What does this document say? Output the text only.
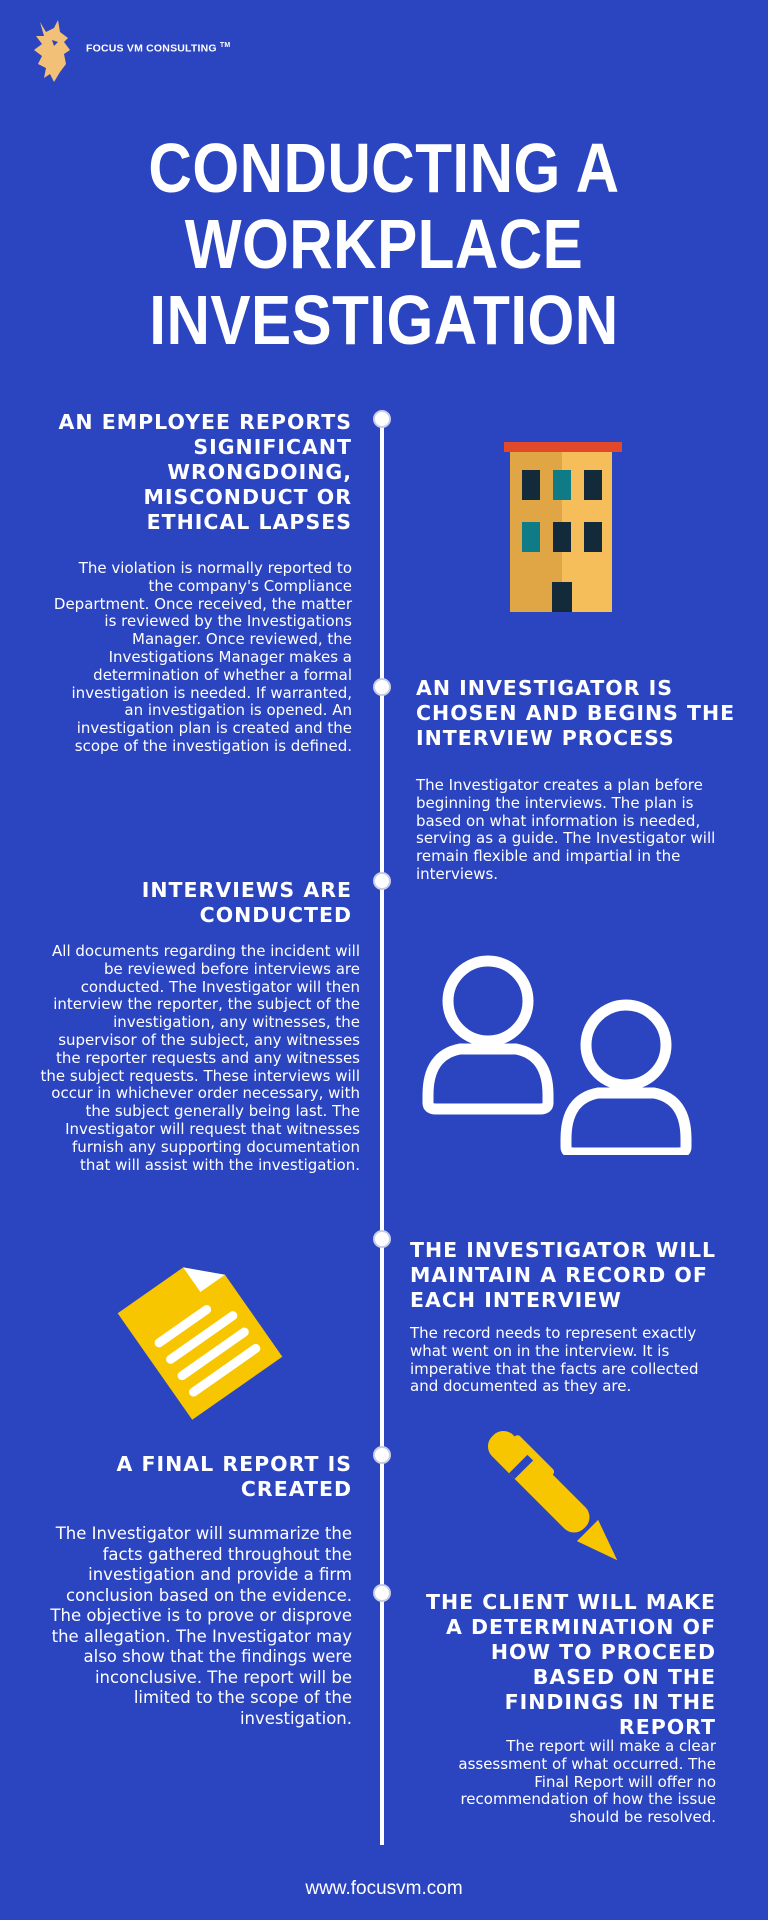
FOCUS VM CONSULTING ™
CONDUCTING A
WORKPLACE
INVESTIGATION
AN EMPLOYEE REPORTS SIGNIFICANT WRONGDOING, MISCONDUCT OR ETHICAL LAPSES
The violation is normally reported to the company's Compliance Department. Once received, the matter is reviewed by the Investigations Manager. Once reviewed, the Investigations Manager makes a determination of whether a formal investigation is needed. If warranted, an investigation is opened. An investigation plan is created and the scope of the investigation is defined.
AN INVESTIGATOR IS CHOSEN AND BEGINS THE INTERVIEW PROCESS
The Investigator creates a plan before beginning the interviews. The plan is based on what information is needed, serving as a guide. The Investigator will remain flexible and impartial in the interviews.
INTERVIEWS ARE CONDUCTED
All documents regarding the incident will be reviewed before interviews are conducted. The Investigator will then interview the reporter, the subject of the investigation, any witnesses, the supervisor of the subject, any witnesses the reporter requests and any witnesses the subject requests. These interviews will occur in whichever order necessary, with the subject generally being last. The Investigator will request that witnesses furnish any supporting documentation that will assist with the investigation.
THE INVESTIGATOR WILL MAINTAIN A RECORD OF EACH INTERVIEW
The record needs to represent exactly what went on in the interview. It is imperative that the facts are collected and documented as they are.
A FINAL REPORT IS CREATED
The Investigator will summarize the facts gathered throughout the investigation and provide a firm conclusion based on the evidence. The objective is to prove or disprove the allegation. The Investigator may also show that the findings were inconclusive. The report will be limited to the scope of the investigation.
THE CLIENT WILL MAKE A DETERMINATION OF HOW TO PROCEED BASED ON THE FINDINGS IN THE REPORT
The report will make a clear assessment of what occurred. The Final Report will offer no recommendation of how the issue should be resolved.
www.focusvm.com
